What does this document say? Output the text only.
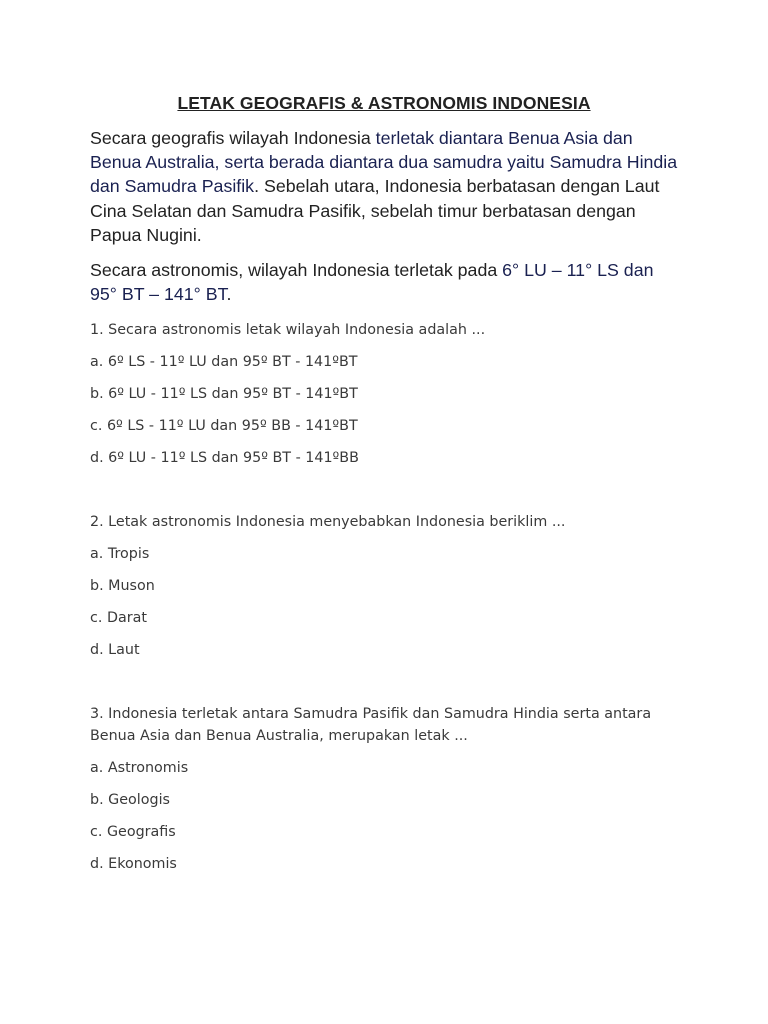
LETAK GEOGRAFIS & ASTRONOMIS INDONESIA

Secara geografis wilayah Indonesia terletak diantara Benua Asia dan Benua Australia, serta berada diantara dua samudra yaitu Samudra Hindia dan Samudra Pasifik. Sebelah utara, Indonesia berbatasan dengan Laut Cina Selatan dan Samudra Pasifik, sebelah timur berbatasan dengan Papua Nugini.

Secara astronomis, wilayah Indonesia terletak pada 6° LU – 11° LS dan 95° BT – 141° BT.

1. Secara astronomis letak wilayah Indonesia adalah ...

a. 6º LS - 11º LU dan 95º BT - 141ºBT

b. 6º LU - 11º LS dan 95º BT - 141ºBT

c. 6º LS - 11º LU dan 95º BB - 141ºBT

d. 6º LU - 11º LS dan 95º BT - 141ºBB

2. Letak astronomis Indonesia menyebabkan Indonesia beriklim ...

a. Tropis

b. Muson

c. Darat

d. Laut

3. Indonesia terletak antara Samudra Pasifik dan Samudra Hindia serta antara Benua Asia dan Benua Australia, merupakan letak ...

a. Astronomis

b. Geologis

c. Geografis

d. Ekonomis
